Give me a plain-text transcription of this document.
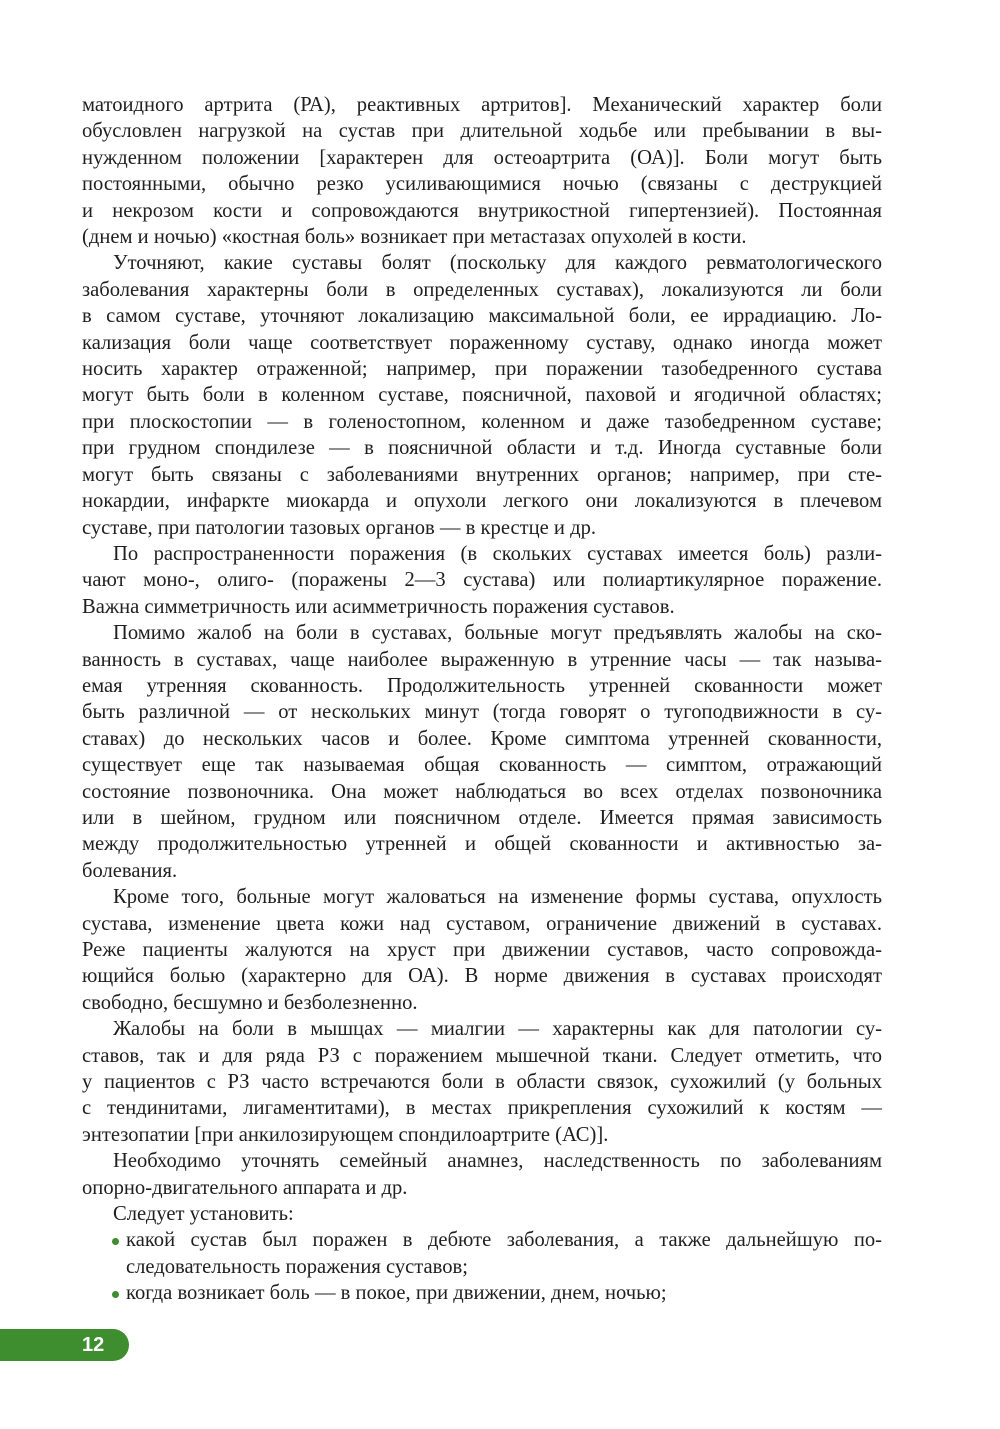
матоидного артрита (РА), реактивных артритов]. Механический характер боли
обусловлен нагрузкой на сустав при длительной ходьбе или пребывании в вы-
нужденном положении [характерен для остеоартрита (ОА)]. Боли могут быть
постоянными, обычно резко усиливающимися ночью (связаны с деструкцией
и некрозом кости и сопровождаются внутрикостной гипертензией). Постоянная
(днем и ночью) «костная боль» возникает при метастазах опухолей в кости.
Уточняют, какие суставы болят (поскольку для каждого ревматологического
заболевания характерны боли в определенных суставах), локализуются ли боли
в самом суставе, уточняют локализацию максимальной боли, ее иррадиацию. Ло-
кализация боли чаще соответствует пораженному суставу, однако иногда может
носить характер отраженной; например, при поражении тазобедренного сустава
могут быть боли в коленном суставе, поясничной, паховой и ягодичной областях;
при плоскостопии — в голеностопном, коленном и даже тазобедренном суставе;
при грудном спондилезе — в поясничной области и т.д. Иногда суставные боли
могут быть связаны с заболеваниями внутренних органов; например, при сте-
нокардии, инфаркте миокарда и опухоли легкого они локализуются в плечевом
суставе, при патологии тазовых органов — в крестце и др.
По распространенности поражения (в скольких суставах имеется боль) разли-
чают моно-, олиго- (поражены 2—3 сустава) или полиартикулярное поражение.
Важна симметричность или асимметричность поражения суставов.
Помимо жалоб на боли в суставах, больные могут предъявлять жалобы на ско-
ванность в суставах, чаще наиболее выраженную в утренние часы — так называ-
емая утренняя скованность. Продолжительность утренней скованности может
быть различной — от нескольких минут (тогда говорят о тугоподвижности в су-
ставах) до нескольких часов и более. Кроме симптома утренней скованности,
существует еще так называемая общая скованность — симптом, отражающий
состояние позвоночника. Она может наблюдаться во всех отделах позвоночника
или в шейном, грудном или поясничном отделе. Имеется прямая зависимость
между продолжительностью утренней и общей скованности и активностью за-
болевания.
Кроме того, больные могут жаловаться на изменение формы сустава, опухлость
сустава, изменение цвета кожи над суставом, ограничение движений в суставах.
Реже пациенты жалуются на хруст при движении суставов, часто сопровожда-
ющийся болью (характерно для ОА). В норме движения в суставах происходят
свободно, бесшумно и безболезненно.
Жалобы на боли в мышцах — миалгии — характерны как для патологии су-
ставов, так и для ряда РЗ с поражением мышечной ткани. Следует отметить, что
у пациентов с РЗ часто встречаются боли в области связок, сухожилий (у больных
с тендинитами, лигаментитами), в местах прикрепления сухожилий к костям —
энтезопатии [при анкилозирующем спондилоартрите (АС)].
Необходимо уточнять семейный анамнез, наследственность по заболеваниям
опорно-двигательного аппарата и др.
Следует установить:
какой сустав был поражен в дебюте заболевания, а также дальнейшую по-
следовательность поражения суставов;
когда возникает боль — в покое, при движении, днем, ночью;
12
